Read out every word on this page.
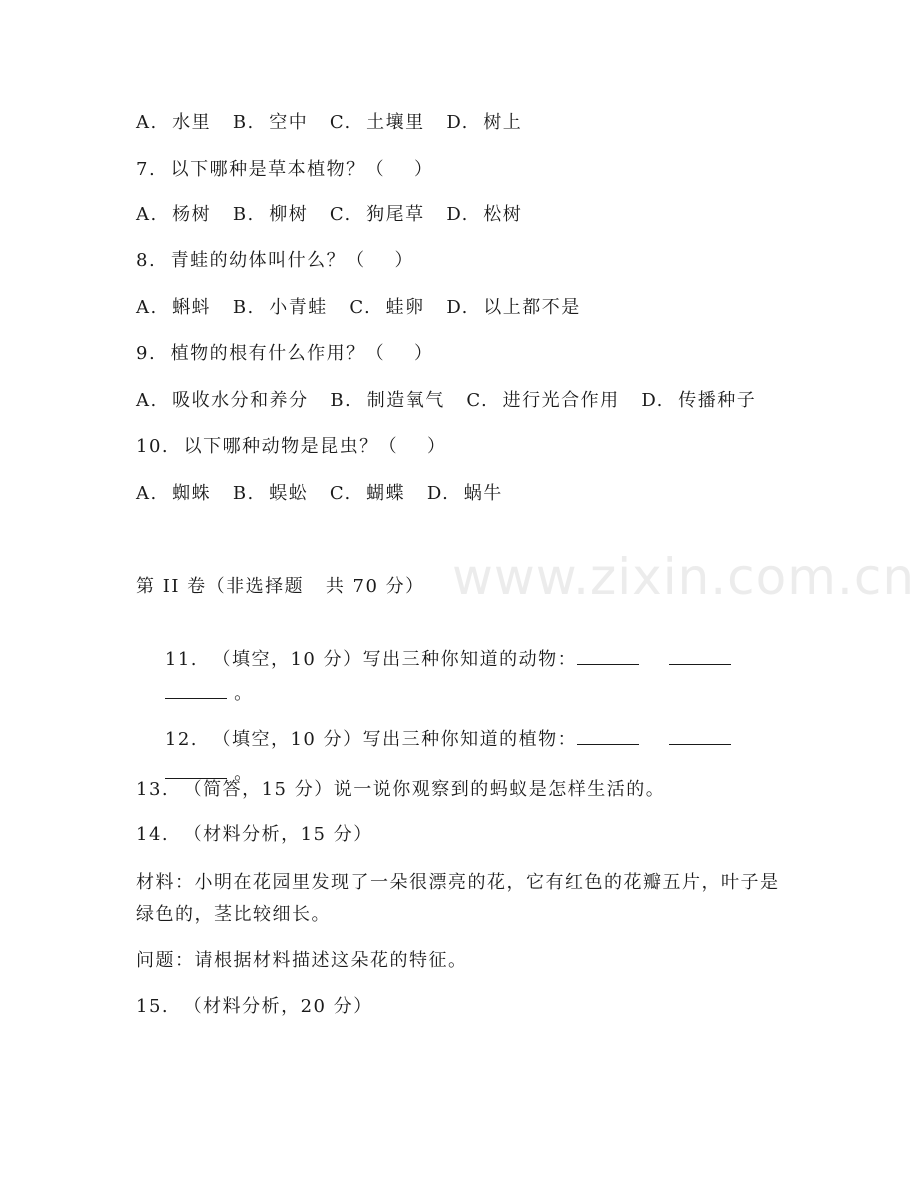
A.  水里   B.  空中   C.  土壤里   D.  树上
7.  以下哪种是草本植物？（    ）
A.  杨树   B.  柳树   C.  狗尾草   D.  松树
8.  青蛙的幼体叫什么？（    ）
A.  蝌蚪   B.  小青蛙   C.  蛙卵   D.  以上都不是
9.  植物的根有什么作用？（    ）
A.  吸收水分和养分   B.  制造氧气   C.  进行光合作用   D.  传播种子
10.  以下哪种动物是昆虫？（    ）
A.  蜘蛛   B.  蜈蚣   C.  蝴蝶   D.  蜗牛
第 II 卷（非选择题   共 70 分）

11.  （填空，10 分）写出三种你知道的动物：

。

12.  （填空，10 分）写出三种你知道的植物：

。

13.  （简答，15 分）说一说你观察到的蚂蚁是怎样生活的。
14.  （材料分析，15 分）
材料：小明在花园里发现了一朵很漂亮的花，它有红色的花瓣五片，叶子是绿色的，茎比较细长。
问题：请根据材料描述这朵花的特征。
15.  （材料分析，20 分）
www.zixin.com.cn
